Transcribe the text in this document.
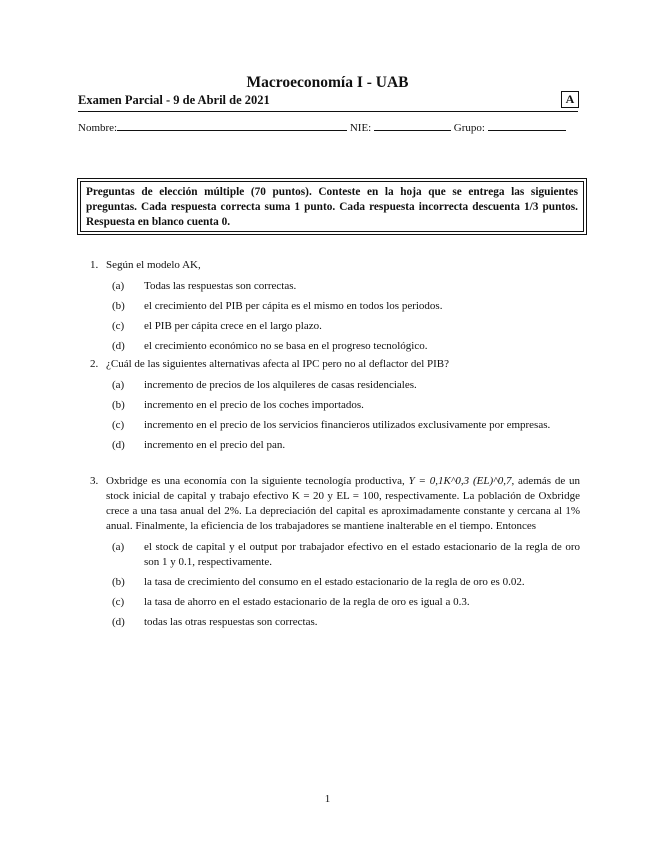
Macroeconomía I - UAB
Examen Parcial - 9 de Abril de 2021	A
Nombre:	NIE:	Grupo:
Preguntas de elección múltiple (70 puntos). Conteste en la hoja que se entrega las siguientes preguntas. Cada respuesta correcta suma 1 punto. Cada respuesta incorrecta descuenta 1/3 puntos. Respuesta en blanco cuenta 0.
1. Según el modelo AK,
(a)	Todas las respuestas son correctas.
(b)	el crecimiento del PIB per cápita es el mismo en todos los periodos.
(c)	el PIB per cápita crece en el largo plazo.
(d)	el crecimiento económico no se basa en el progreso tecnológico.
2. ¿Cuál de las siguientes alternativas afecta al IPC pero no al deflactor del PIB?
(a)	incremento de precios de los alquileres de casas residenciales.
(b)	incremento en el precio de los coches importados.
(c)	incremento en el precio de los servicios financieros utilizados exclusivamente por empresas.
(d)	incremento en el precio del pan.
3. Oxbridge es una economía con la siguiente tecnología productiva, Y = 0,1K^0,3 (EL)^0,7, además de un stock inicial de capital y trabajo efectivo K = 20 y EL = 100, respectivamente. La población de Oxbridge crece a una tasa anual del 2%. La depreciación del capital es aproximadamente constante y cercana al 1% anual. Finalmente, la eficiencia de los trabajadores se mantiene inalterable en el tiempo. Entonces
(a)	el stock de capital y el output por trabajador efectivo en el estado estacionario de la regla de oro son 1 y 0.1, respectivamente.
(b)	la tasa de crecimiento del consumo en el estado estacionario de la regla de oro es 0.02.
(c)	la tasa de ahorro en el estado estacionario de la regla de oro es igual a 0.3.
(d)	todas las otras respuestas son correctas.
1
